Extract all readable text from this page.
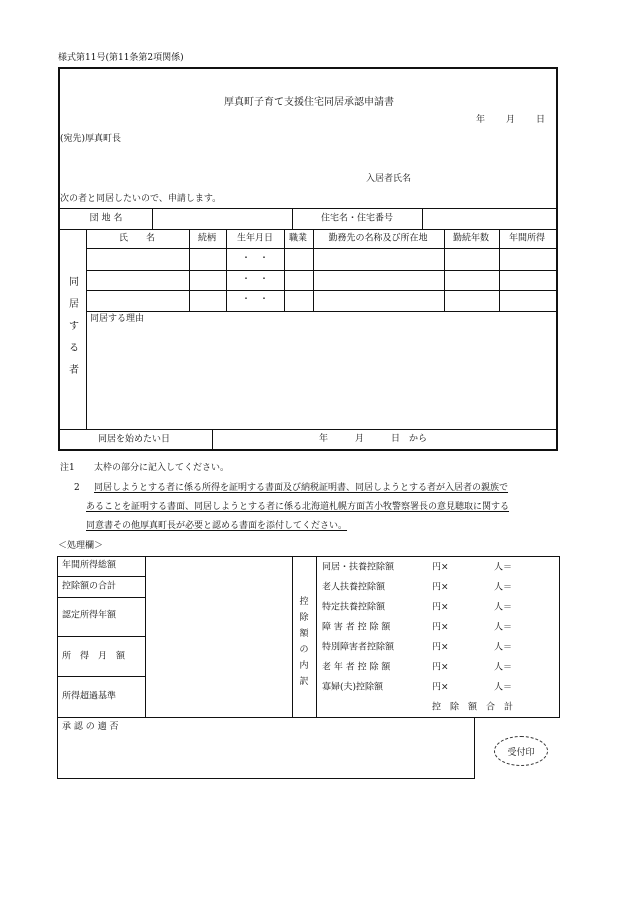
様式第11号(第11条第2項関係)
厚真町子育て支援住宅同居承認申請書
年 月 日
(宛先)厚真町長
入居者氏名
次の者と同居したいので、申請します。
団 地 名	住宅名・住宅番号
同
居
す
る
者
氏　　名	続柄 生年月日 職業 勤務先の名称及び所在地	勤続年数 年間所得
・　・
・　・
・　・
同居する理由
同居を始めたい日	年　　　月　　　日　から
注1 太枠の部分に記入してください。
2 同居しようとする者に係る所得を証明する書面及び納税証明書、同居しようとする者が入居者の親族で
あることを証明する書面、同居しようとする者に係る北海道札幌方面苫小牧警察署長の意見聴取に関する
同意書その他厚真町長が必要と認める書面を添付してください。
＜処理欄＞
年間所得総額
控除額の合計
認定所得年額
所　得　月　額
所得超過基準
控
除
額
の
内
訳
同居・扶養控除額	円×	人＝
老人扶養控除額	円×	人＝
特定扶養控除額	円×	人＝
障 害 者 控 除 額	円×	人＝
特別障害者控除額	円×	人＝
老 年 者 控 除 額	円×	人＝
寡婦(夫)控除額	円×	人＝
控　除　額　合　計
承 認 の 適 否
受付印
